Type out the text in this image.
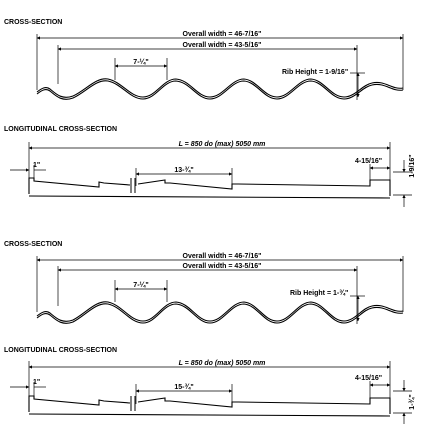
CROSS-SECTION
Overall width = 46-7/16"
Overall width = 43-5/16"
7-¼"
Rib Height = 1-9/16"
LONGITUDINAL CROSS-SECTION
L = 850 do (max) 5050 mm
1"
13-¾"
4-15/16"	1-9/16"
CROSS-SECTION
Overall width = 46-7/16"
Overall width = 43-5/16"
7-¼"
Rib Height = 1-¾"
LONGITUDINAL CROSS-SECTION
L = 850 do (max) 5050 mm
1"
15-¾"
4-15/16"
1-¾"
